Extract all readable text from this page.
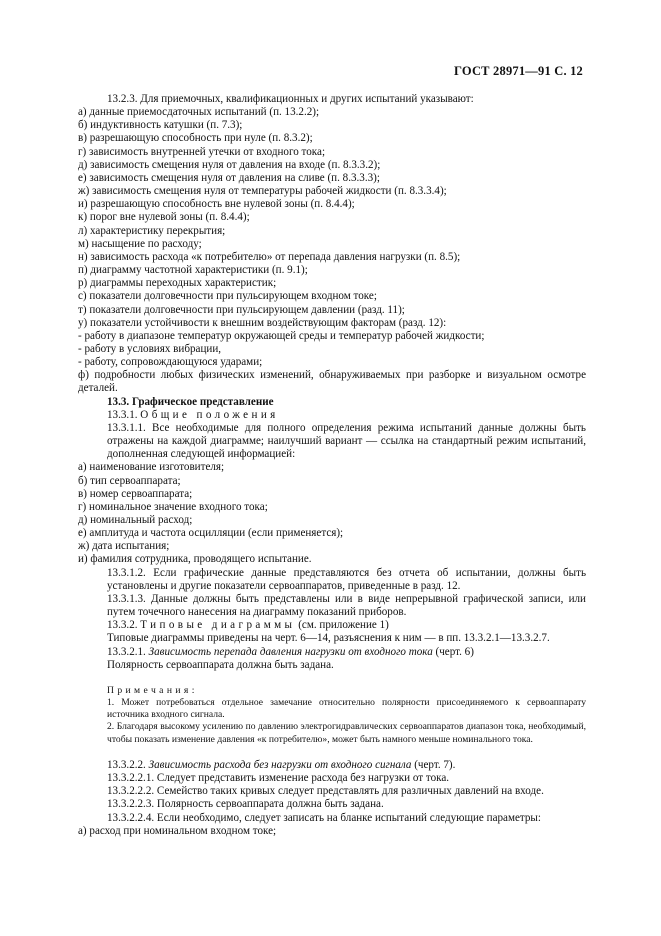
ГОСТ 28971—91 С. 12
13.2.3. Для приемочных, квалификационных и других испытаний указывают:
а) данные приемосдаточных испытаний (п. 13.2.2);
б) индуктивность катушки (п. 7.3);
в) разрешающую способность при нуле (п. 8.3.2);
г) зависимость внутренней утечки от входного тока;
д) зависимость смещения нуля от давления на входе (п. 8.3.3.2);
е) зависимость смещения нуля от давления на сливе (п. 8.3.3.3);
ж) зависимость смещения нуля от температуры рабочей жидкости (п. 8.3.3.4);
и) разрешающую способность вне нулевой зоны (п. 8.4.4);
к) порог вне нулевой зоны (п. 8.4.4);
л) характеристику перекрытия;
м) насыщение по расходу;
н) зависимость расхода «к потребителю» от перепада давления нагрузки (п. 8.5);
п) диаграмму частотной характеристики (п. 9.1);
р) диаграммы переходных характеристик;
с) показатели долговечности при пульсирующем входном токе;
т) показатели долговечности при пульсирующем давлении (разд. 11);
у) показатели устойчивости к внешним воздействующим факторам (разд. 12):
- работу в диапазоне температур окружающей среды и температур рабочей жидкости;
- работу в условиях вибрации,
- работу, сопровождающуюся ударами;
ф) подробности любых физических изменений, обнаруживаемых при разборке и визуальном осмотре деталей.
13.3. Графическое представление
13.3.1. Общие положения
13.3.1.1. Все необходимые для полного определения режима испытаний данные должны быть отражены на каждой диаграмме; наилучший вариант — ссылка на стандартный режим испытаний, дополненная следующей информацией:
а) наименование изготовителя;
б) тип сервоаппарата;
в) номер сервоаппарата;
г) номинальное значение входного тока;
д) номинальный расход;
е) амплитуда и частота осцилляции (если применяется);
ж) дата испытания;
и) фамилия сотрудника, проводящего испытание.
13.3.1.2. Если графические данные представляются без отчета об испытании, должны быть установлены и другие показатели сервоаппаратов, приведенные в разд. 12.
13.3.1.3. Данные должны быть представлены или в виде непрерывной графической записи, или путем точечного нанесения на диаграмму показаний приборов.
13.3.2. Типовые диаграммы (см. приложение 1)
Типовые диаграммы приведены на черт. 6—14, разъяснения к ним — в пп. 13.3.2.1—13.3.2.7.
13.3.2.1. Зависимость перепада давления нагрузки от входного тока (черт. 6)
Полярность сервоаппарата должна быть задана.
Примечания:
1. Может потребоваться отдельное замечание относительно полярности присоединяемого к сервоаппарату источника входного сигнала.
2. Благодаря высокому усилению по давлению электрогидравлических сервоаппаратов диапазон тока, необходимый, чтобы показать изменение давления «к потребителю», может быть намного меньше номинального тока.
13.3.2.2. Зависимость расхода без нагрузки от входного сигнала (черт. 7).
13.3.2.2.1. Следует представить изменение расхода без нагрузки от тока.
13.3.2.2.2. Семейство таких кривых следует представлять для различных давлений на входе.
13.3.2.2.3. Полярность сервоаппарата должна быть задана.
13.3.2.2.4. Если необходимо, следует записать на бланке испытаний следующие параметры:
а) расход при номинальном входном токе;
